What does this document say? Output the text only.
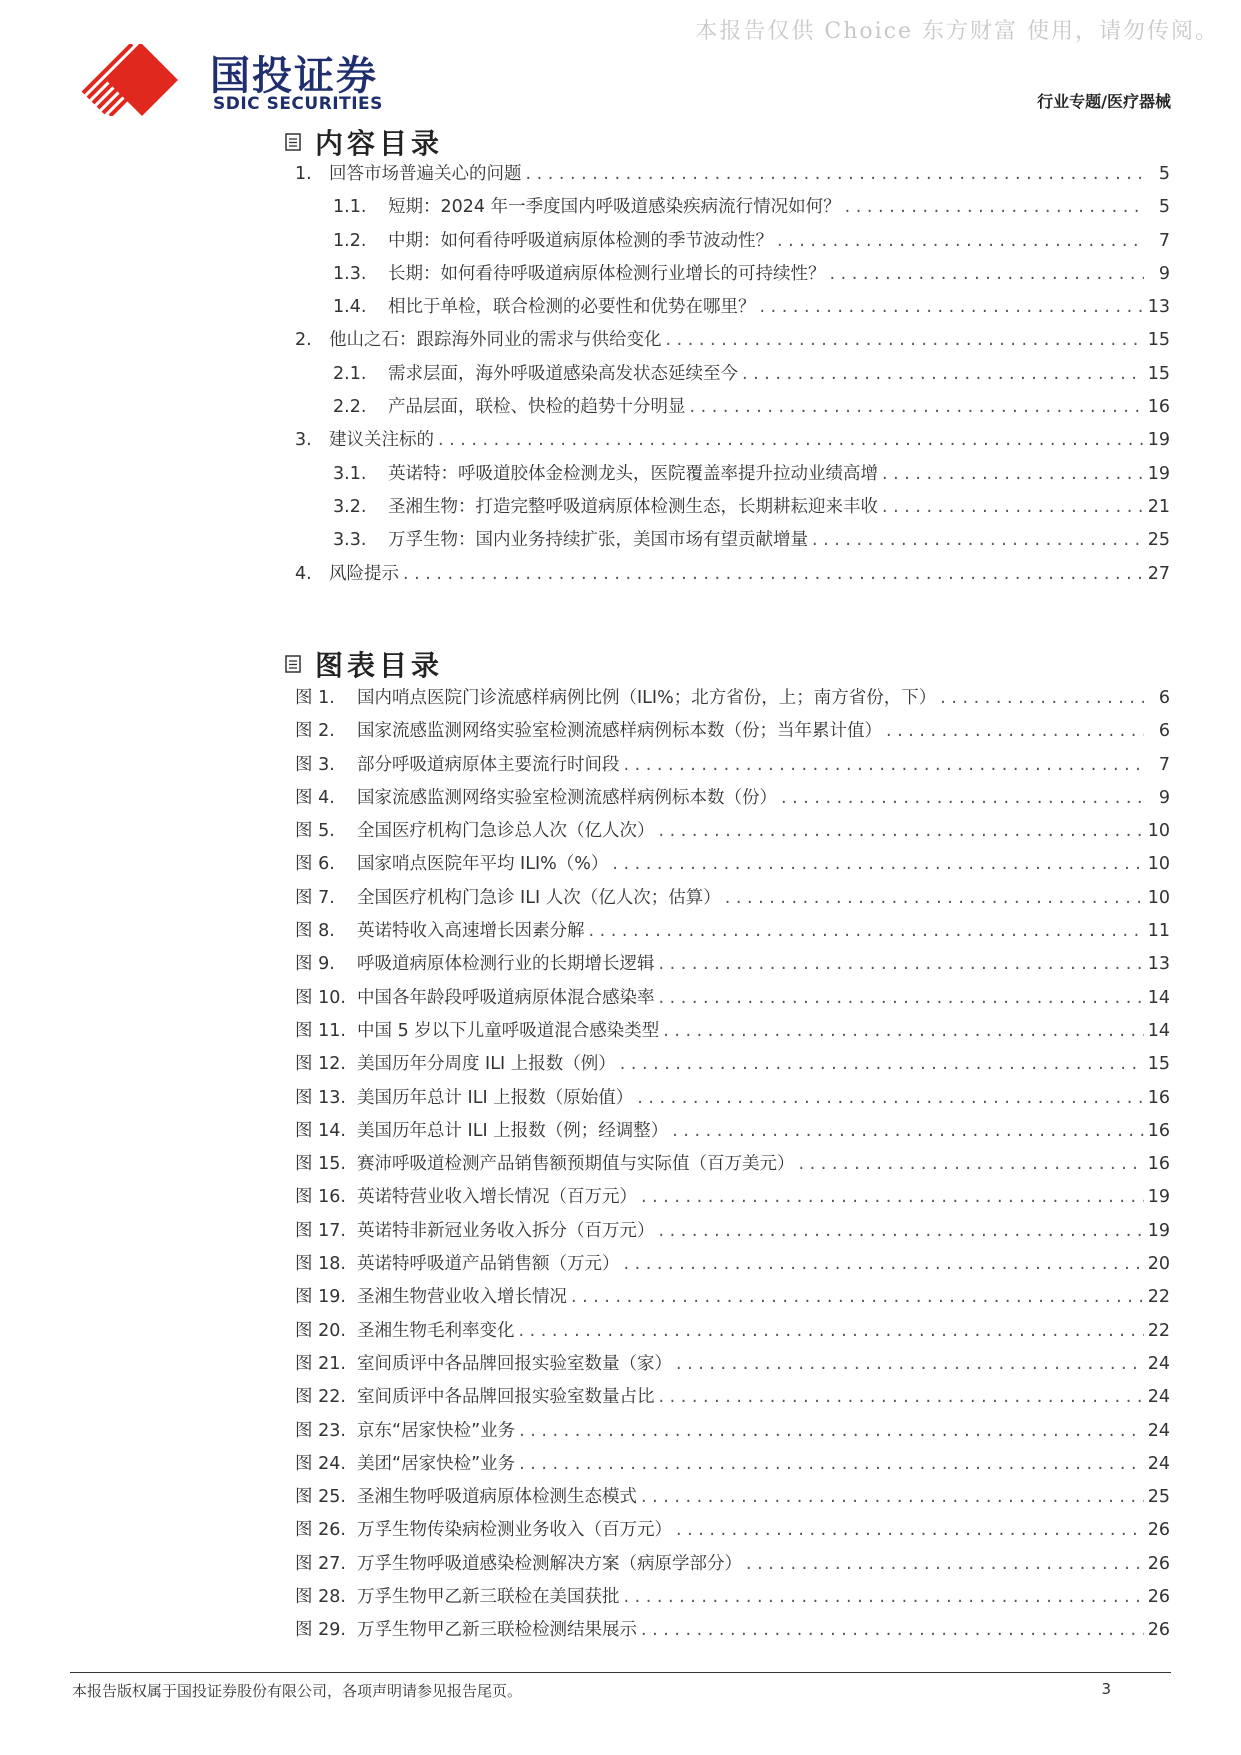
本报告仅供 Choice 东方财富 使用，请勿传阅。
国投证券
SDIC SECURITIES	行业专题/医疗器械
内容目录
1. 回答市场普遍关心的问题 . . .	5
1.1.	短期：2024 年一季度国内呼吸道感染疾病流行情况如何？ . . .	5
1.2.	中期：如何看待呼吸道病原体检测的季节波动性？ . . .	7
1.3.	长期：如何看待呼吸道病原体检测行业增长的可持续性？ . . .	9
1.4.	相比于单检，联合检测的必要性和优势在哪里？ . . .	13
2. 他山之石：跟踪海外同业的需求与供给变化 . . .	15
2.1.	需求层面，海外呼吸道感染高发状态延续至今 . . .	15
2.2.	产品层面，联检、快检的趋势十分明显 . . .	16
3. 建议关注标的 . . .	19
3.1.	英诺特：呼吸道胶体金检测龙头，医院覆盖率提升拉动业绩高增 . . .	19
3.2.	圣湘生物：打造完整呼吸道病原体检测生态，长期耕耘迎来丰收 . . .	21
3.3.	万孚生物：国内业务持续扩张，美国市场有望贡献增量 . . .	25
4. 风险提示 . . .	27
图表目录
图 1.	国内哨点医院门诊流感样病例比例（ILI%；北方省份，上；南方省份，下） . . .	6
图 2.	国家流感监测网络实验室检测流感样病例标本数（份；当年累计值） . . .	6
图 3.	部分呼吸道病原体主要流行时间段 . . .	7
图 4.	国家流感监测网络实验室检测流感样病例标本数（份） . . .	9
图 5.	全国医疗机构门急诊总人次（亿人次） . . .	10
图 6.	国家哨点医院年平均 ILI%（%） . . .	10
图 7.	全国医疗机构门急诊 ILI 人次（亿人次；估算） . . .	10
图 8.	英诺特收入高速增长因素分解 . . .	11
图 9.	呼吸道病原体检测行业的长期增长逻辑 . . .	13
图 10. 中国各年龄段呼吸道病原体混合感染率 . . .	14
图 11. 中国 5 岁以下儿童呼吸道混合感染类型 . . .	14
图 12. 美国历年分周度 ILI 上报数（例） . . .	15
图 13. 美国历年总计 ILI 上报数（原始值） . . .	16
图 14. 美国历年总计 ILI 上报数（例；经调整） . . .	16
图 15. 赛沛呼吸道检测产品销售额预期值与实际值（百万美元） . . .	16
图 16. 英诺特营业收入增长情况（百万元） . . .	19
图 17. 英诺特非新冠业务收入拆分（百万元） . . .	19
图 18. 英诺特呼吸道产品销售额（万元） . . .	20
图 19. 圣湘生物营业收入增长情况 . . .	22
图 20. 圣湘生物毛利率变化 . . .	22
图 21. 室间质评中各品牌回报实验室数量（家） . . .	24
图 22. 室间质评中各品牌回报实验室数量占比 . . .	24
图 23. 京东“居家快检”业务 . . .	24
图 24. 美团“居家快检”业务 . . .	24
图 25. 圣湘生物呼吸道病原体检测生态模式 . . .	25
图 26. 万孚生物传染病检测业务收入（百万元） . . .	26
图 27. 万孚生物呼吸道感染检测解决方案（病原学部分） . . .	26
图 28. 万孚生物甲乙新三联检在美国获批 . . .	26
图 29. 万孚生物甲乙新三联检检测结果展示 . . .	26
本报告版权属于国投证券股份有限公司，各项声明请参见报告尾页。	3
